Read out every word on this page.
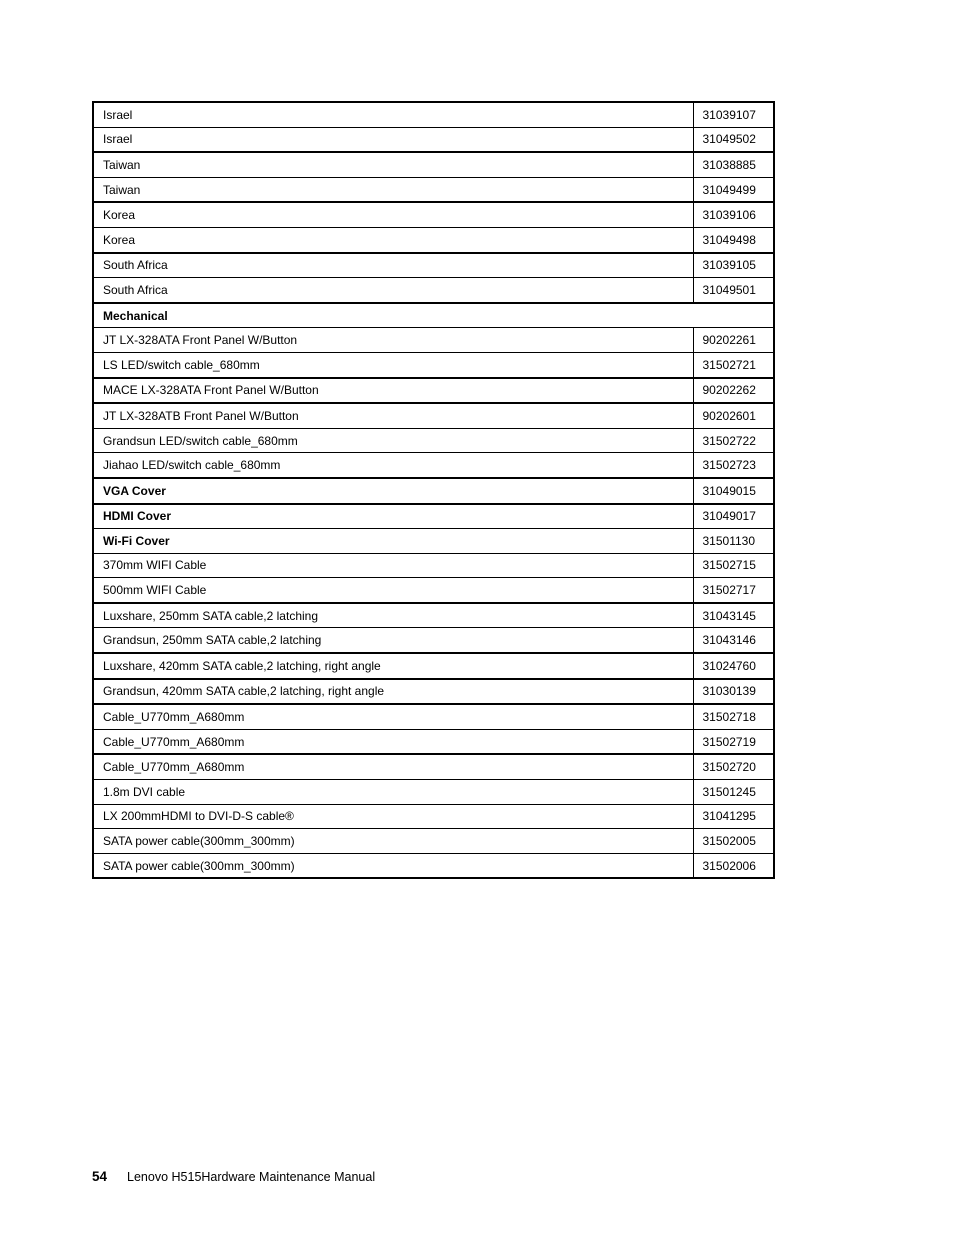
Israel	31039107
Israel	31049502
Taiwan	31038885
Taiwan	31049499
Korea	31039106
Korea	31049498
South Africa	31039105
South Africa	31049501
Mechanical	
JT LX-328ATA Front Panel W/Button	90202261
LS LED/switch cable_680mm	31502721
MACE LX-328ATA Front Panel W/Button	90202262
JT LX-328ATB Front Panel W/Button	90202601
Grandsun LED/switch cable_680mm	31502722
Jiahao LED/switch cable_680mm	31502723
VGA Cover	31049015
HDMI Cover	31049017
Wi-Fi Cover	31501130
370mm WIFI Cable	31502715
500mm WIFI Cable	31502717
Luxshare, 250mm SATA cable,2 latching	31043145
Grandsun, 250mm SATA cable,2 latching	31043146
Luxshare, 420mm SATA cable,2 latching, right angle	31024760
Grandsun, 420mm SATA cable,2 latching, right angle	31030139
Cable_U770mm_A680mm	31502718
Cable_U770mm_A680mm	31502719
Cable_U770mm_A680mm	31502720
1.8m DVI cable	31501245
LX 200mmHDMI to DVI-D-S cable®	31041295
SATA power cable(300mm_300mm)	31502005
SATA power cable(300mm_300mm)	31502006
54 Lenovo H515Hardware Maintenance Manual
